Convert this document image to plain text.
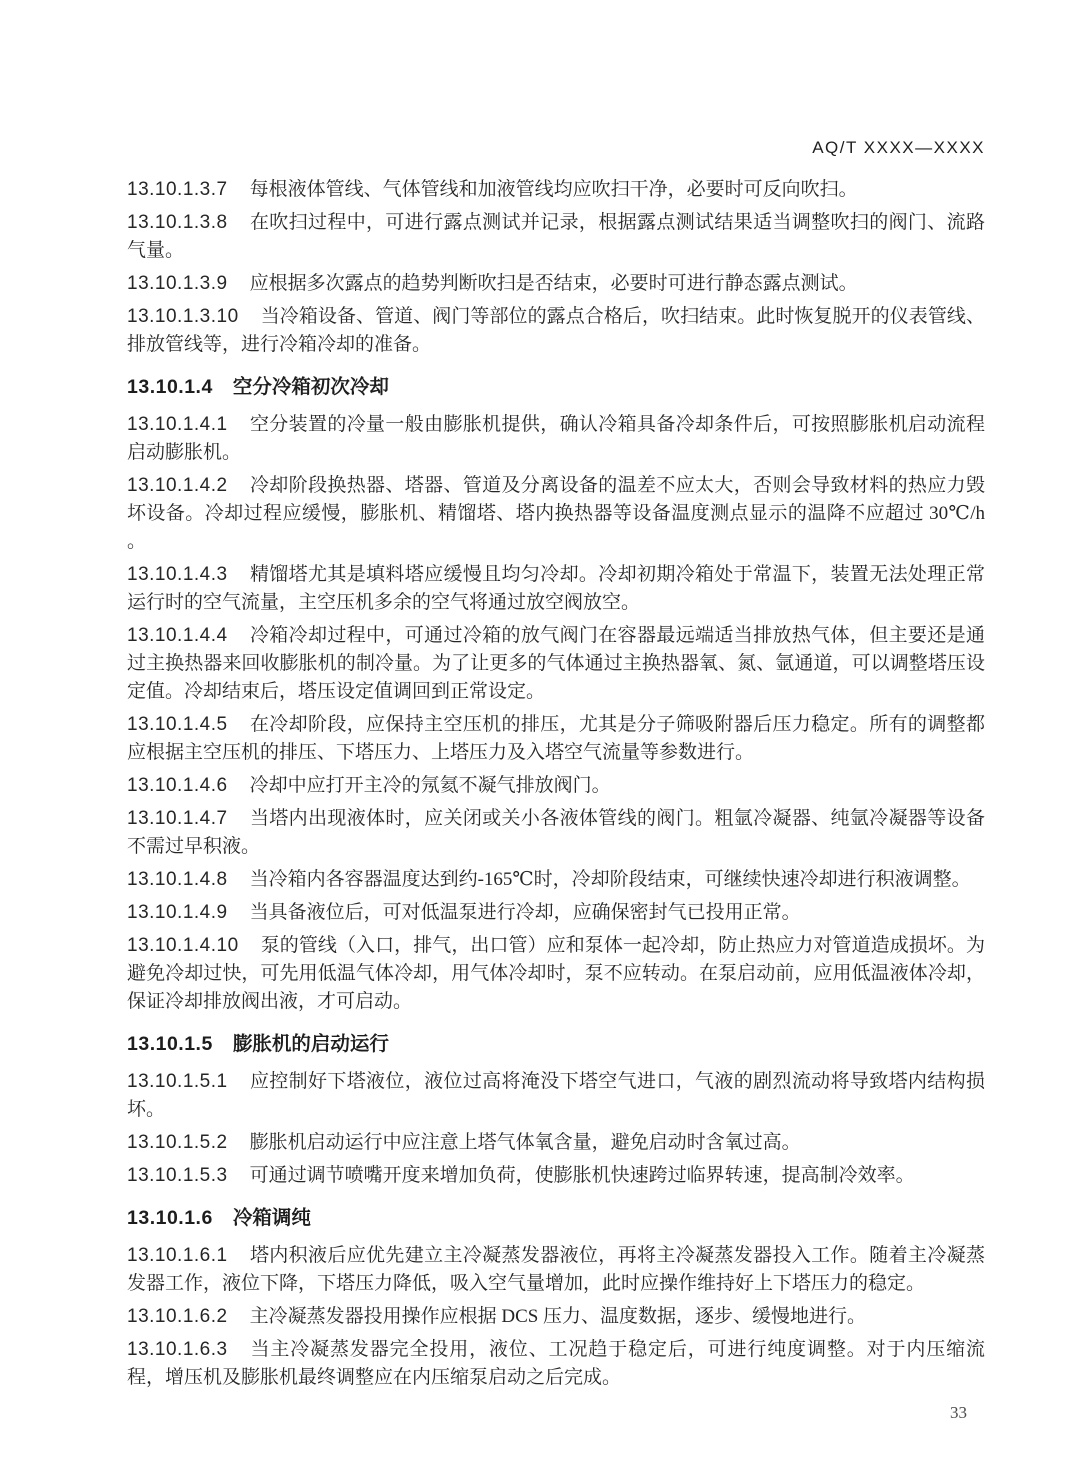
AQ/T XXXX—XXXX

13.10.1.3.7 每根液体管线、气体管线和加液管线均应吹扫干净，必要时可反向吹扫。

13.10.1.3.8 在吹扫过程中，可进行露点测试并记录，根据露点测试结果适当调整吹扫的阀门、流路气量。

13.10.1.3.9 应根据多次露点的趋势判断吹扫是否结束，必要时可进行静态露点测试。

13.10.1.3.10 当冷箱设备、管道、阀门等部位的露点合格后，吹扫结束。此时恢复脱开的仪表管线、排放管线等，进行冷箱冷却的准备。

13.10.1.4 空分冷箱初次冷却

13.10.1.4.1 空分装置的冷量一般由膨胀机提供，确认冷箱具备冷却条件后，可按照膨胀机启动流程启动膨胀机。

13.10.1.4.2 冷却阶段换热器、塔器、管道及分离设备的温差不应太大，否则会导致材料的热应力毁坏设备。冷却过程应缓慢，膨胀机、精馏塔、塔内换热器等设备温度测点显示的温降不应超过 30℃/h 。

13.10.1.4.3 精馏塔尤其是填料塔应缓慢且均匀冷却。冷却初期冷箱处于常温下，装置无法处理正常运行时的空气流量，主空压机多余的空气将通过放空阀放空。

13.10.1.4.4 冷箱冷却过程中，可通过冷箱的放气阀门在容器最远端适当排放热气体，但主要还是通过主换热器来回收膨胀机的制冷量。为了让更多的气体通过主换热器氧、氮、氩通道，可以调整塔压设定值。冷却结束后，塔压设定值调回到正常设定。

13.10.1.4.5 在冷却阶段，应保持主空压机的排压，尤其是分子筛吸附器后压力稳定。所有的调整都应根据主空压机的排压、下塔压力、上塔压力及入塔空气流量等参数进行。

13.10.1.4.6 冷却中应打开主冷的氖氦不凝气排放阀门。

13.10.1.4.7 当塔内出现液体时，应关闭或关小各液体管线的阀门。粗氩冷凝器、纯氩冷凝器等设备不需过早积液。

13.10.1.4.8 当冷箱内各容器温度达到约-165℃时，冷却阶段结束，可继续快速冷却进行积液调整。

13.10.1.4.9 当具备液位后，可对低温泵进行冷却，应确保密封气已投用正常。

13.10.1.4.10 泵的管线（入口，排气，出口管）应和泵体一起冷却，防止热应力对管道造成损坏。为避免冷却过快，可先用低温气体冷却，用气体冷却时，泵不应转动。在泵启动前，应用低温液体冷却，保证冷却排放阀出液，才可启动。

13.10.1.5 膨胀机的启动运行

13.10.1.5.1 应控制好下塔液位，液位过高将淹没下塔空气进口，气液的剧烈流动将导致塔内结构损坏。

13.10.1.5.2 膨胀机启动运行中应注意上塔气体氧含量，避免启动时含氧过高。

13.10.1.5.3 可通过调节喷嘴开度来增加负荷，使膨胀机快速跨过临界转速，提高制冷效率。

13.10.1.6 冷箱调纯

13.10.1.6.1 塔内积液后应优先建立主冷凝蒸发器液位，再将主冷凝蒸发器投入工作。随着主冷凝蒸发器工作，液位下降，下塔压力降低，吸入空气量增加，此时应操作维持好上下塔压力的稳定。

13.10.1.6.2 主冷凝蒸发器投用操作应根据 DCS 压力、温度数据，逐步、缓慢地进行。

13.10.1.6.3 当主冷凝蒸发器完全投用，液位、工况趋于稳定后，可进行纯度调整。对于内压缩流程，增压机及膨胀机最终调整应在内压缩泵启动之后完成。

33
